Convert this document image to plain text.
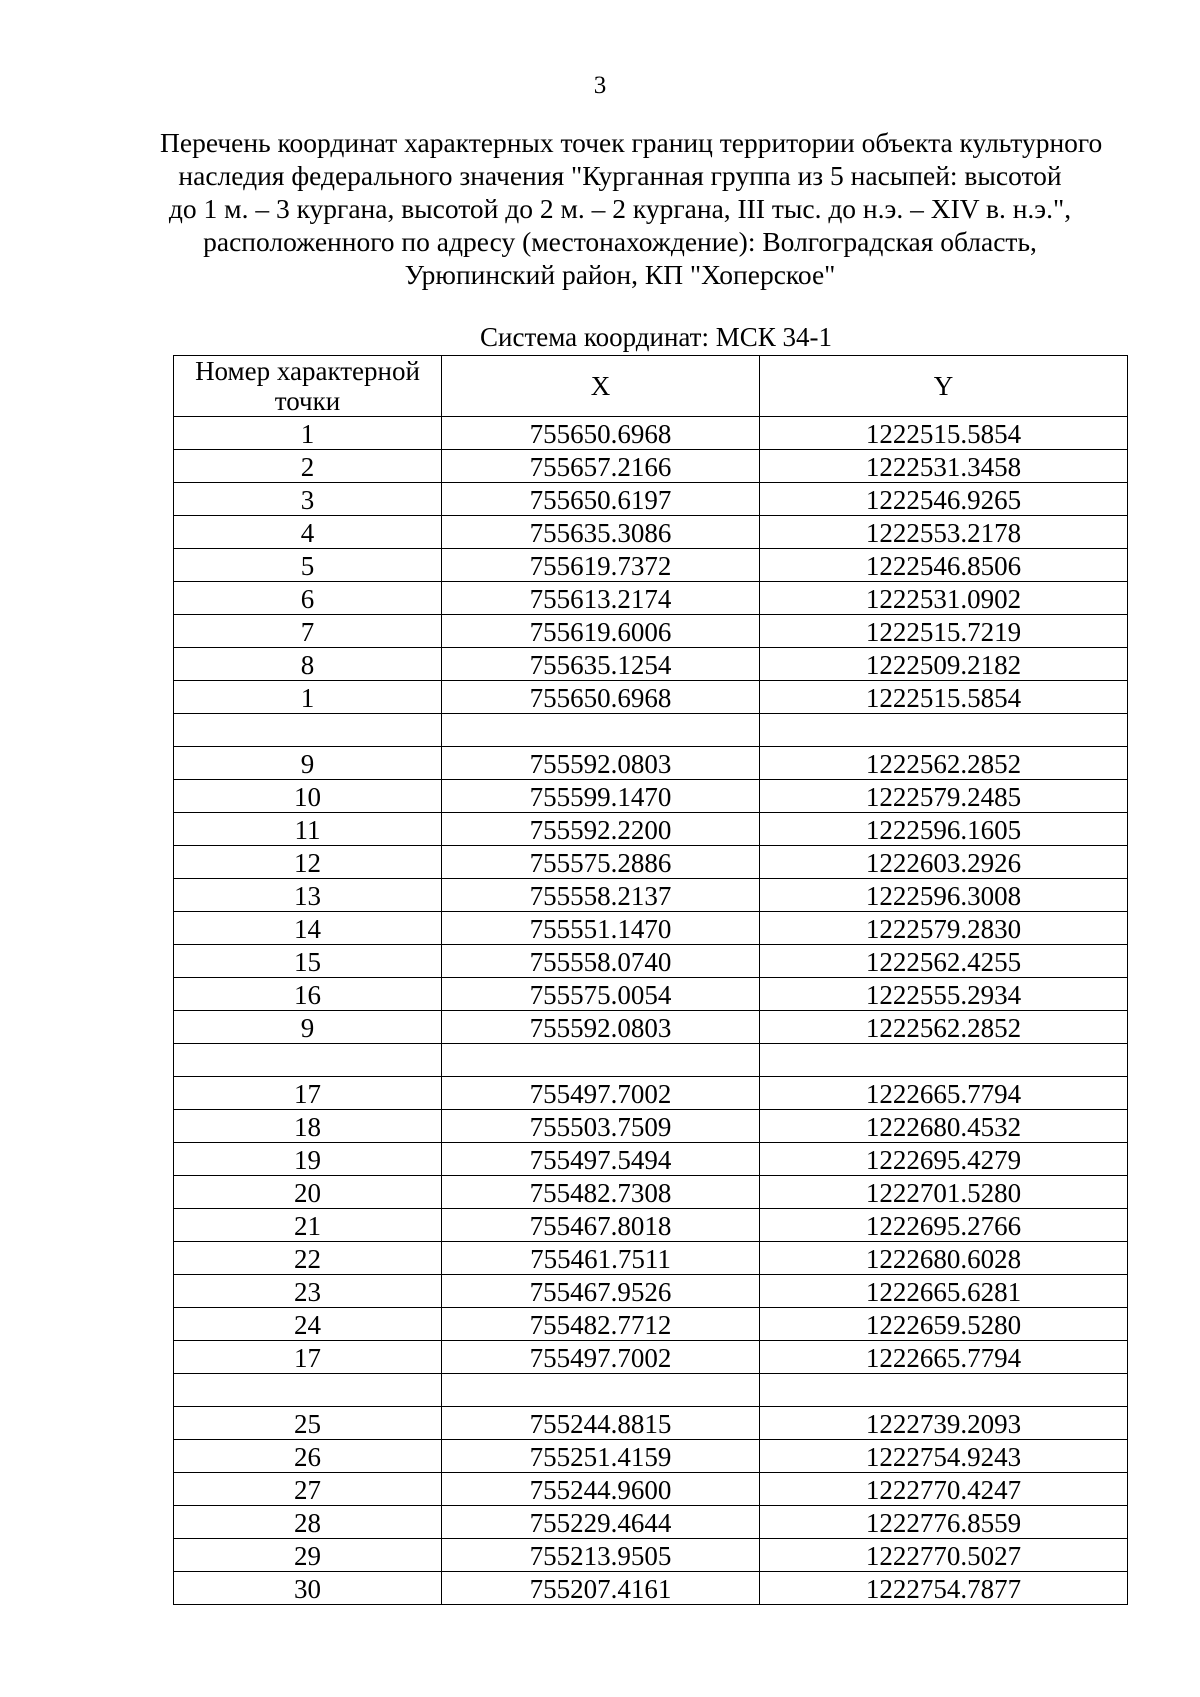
3
Перечень координат характерных точек границ территории объекта культурного
наследия федерального значения "Курганная группа из 5 насыпей: высотой
до 1 м. – 3 кургана, высотой до 2 м. – 2 кургана, III тыс. до н.э. – XIV в. н.э.",
расположенного по адресу (местонахождение): Волгоградская область,
Урюпинский район, КП "Хоперское"
Система координат: МСК 34-1
Номер характерной
точки	X	Y
1	755650.6968	1222515.5854
2	755657.2166	1222531.3458
3	755650.6197	1222546.9265
4	755635.3086	1222553.2178
5	755619.7372	1222546.8506
6	755613.2174	1222531.0902
7	755619.6006	1222515.7219
8	755635.1254	1222509.2182
1	755650.6968	1222515.5854

9	755592.0803	1222562.2852
10	755599.1470	1222579.2485
11	755592.2200	1222596.1605
12	755575.2886	1222603.2926
13	755558.2137	1222596.3008
14	755551.1470	1222579.2830
15	755558.0740	1222562.4255
16	755575.0054	1222555.2934
9	755592.0803	1222562.2852

17	755497.7002	1222665.7794
18	755503.7509	1222680.4532
19	755497.5494	1222695.4279
20	755482.7308	1222701.5280
21	755467.8018	1222695.2766
22	755461.7511	1222680.6028
23	755467.9526	1222665.6281
24	755482.7712	1222659.5280
17	755497.7002	1222665.7794

25	755244.8815	1222739.2093
26	755251.4159	1222754.9243
27	755244.9600	1222770.4247
28	755229.4644	1222776.8559
29	755213.9505	1222770.5027
30	755207.4161	1222754.7877
